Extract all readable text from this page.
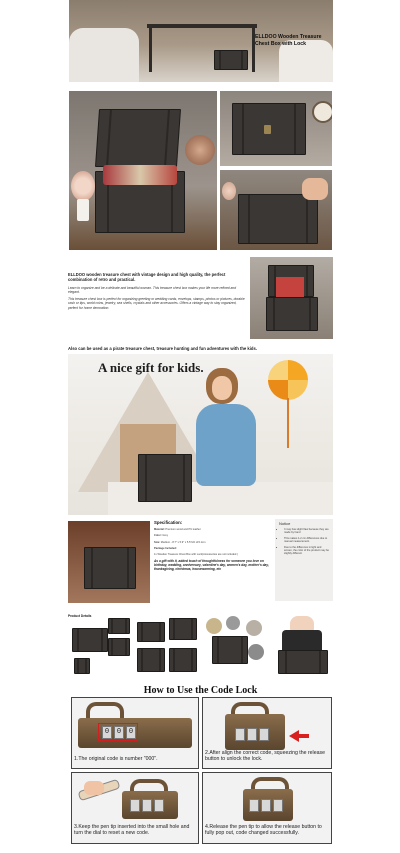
ELLDOO Wooden Treasure
Chest Box with Lock
ELLDOO wooden treasure chest with vintage design and high quality, the perfect combination of retro and practical.
Learn to organize and be a delicate and beautiful woman. This treasure chest box makes your life more refined and elegant.
This treasure chest box is perfect for organizing greeting or wedding cards, envelops, stamps, photos or pictures, dorable cash or tips, world coins, jewelry, sea shells, crystals and other accessories. Offers a vintage way to stay organized, perfect for home decoration.
Also can be used as a pirate treasure chest, treasure hunting and fun adventures with the kids.
A nice gift for kids.
Specification:
Material: Premium wood and PU leather
Color: Grey
Size: Medium - 8.7" x 5.9" x 5.5"/22 x15.1cm
Package Included:
1x Wooden Treasure Chest Box with Lock(Accessories are not included )
As a gift with it, added touch of thoughtfulness for someone you love on birthday, wedding, anniversary, valentine's day, women's day, mother's day, thanksgiving, christmas, housewarming, etc
Notice
• It may has slight flaw because they are made by hand
• This makes 1-2 cm differences due to manual measurement.
• Due to the difference in light and screen, the color of the product may be slightly different
Product Details
How to Use the Code Lock
0	0	0
1.The original code is number "000".
2.After align the correct code, squeezing the release button to unlock the lock.
3.Keep the pen tip inserted into the small hole and turn the dial to reset a new code.
4.Release the pen tip to allow the release button to fully pop out, code changed successfully.
